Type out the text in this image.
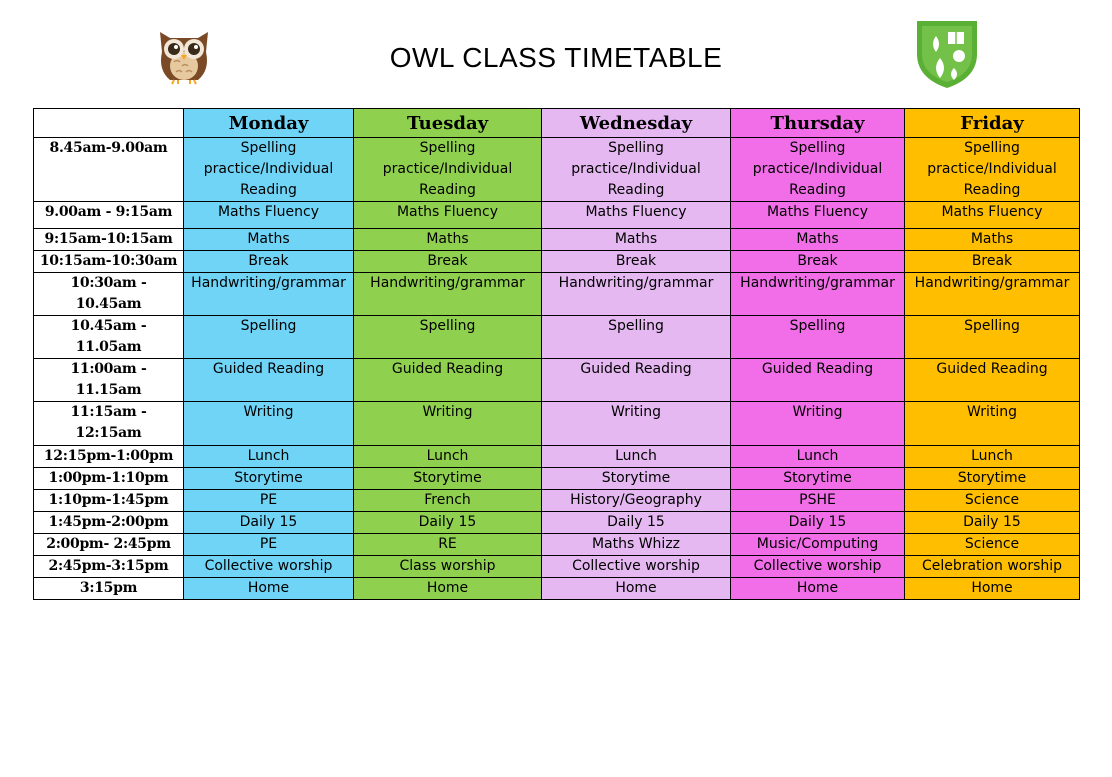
OWL CLASS TIMETABLE
	Monday	Tuesday	Wednesday	Thursday	Friday
8.45am-9.00am	Spelling practice/Individual Reading	Spelling practice/Individual Reading	Spelling practice/Individual Reading	Spelling practice/Individual Reading	Spelling practice/Individual Reading
9.00am - 9:15am	Maths Fluency	Maths Fluency	Maths Fluency	Maths Fluency	Maths Fluency
9:15am-10:15am	Maths	Maths	Maths	Maths	Maths
10:15am-10:30am	Break	Break	Break	Break	Break
10:30am - 10.45am	Handwriting/grammar	Handwriting/grammar	Handwriting/grammar	Handwriting/grammar	Handwriting/grammar
10.45am - 11.05am	Spelling	Spelling	Spelling	Spelling	Spelling
11:00am - 11.15am	Guided Reading	Guided Reading	Guided Reading	Guided Reading	Guided Reading
11:15am - 12:15am	Writing	Writing	Writing	Writing	Writing
12:15pm-1:00pm	Lunch	Lunch	Lunch	Lunch	Lunch
1:00pm-1:10pm	Storytime	Storytime	Storytime	Storytime	Storytime
1:10pm-1:45pm	PE	French	History/Geography	PSHE	Science
1:45pm-2:00pm	Daily 15	Daily 15	Daily 15	Daily 15	Daily 15
2:00pm- 2:45pm	PE	RE	Maths Whizz	Music/Computing	Science
2:45pm-3:15pm	Collective worship	Class worship	Collective worship	Collective worship	Celebration worship
3:15pm	Home	Home	Home	Home	Home
